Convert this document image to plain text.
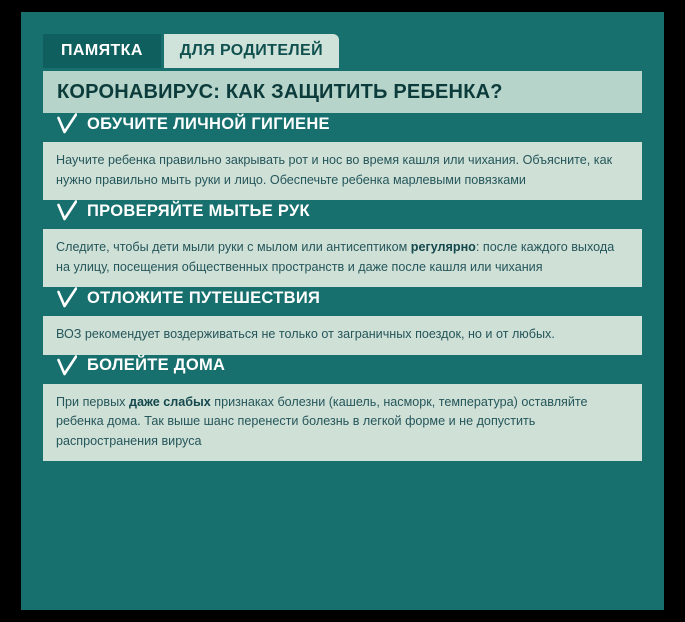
ПАМЯТКА ДЛЯ РОДИТЕЛЕЙ
КОРОНАВИРУС: КАК ЗАЩИТИТЬ РЕБЕНКА?
ОБУЧИТЕ ЛИЧНОЙ ГИГИЕНЕ
Научите ребенка правильно закрывать рот и нос во время кашля или чихания. Объясните, как нужно правильно мыть руки и лицо. Обеспечьте ребенка марлевыми повязками
ПРОВЕРЯЙТЕ МЫТЬЕ РУК
Следите, чтобы дети мыли руки с мылом или антисептиком регулярно: после каждого выхода на улицу, посещения общественных пространств и даже после кашля или чихания
ОТЛОЖИТЕ ПУТЕШЕСТВИЯ
ВОЗ рекомендует воздерживаться не только от заграничных поездок, но и от любых.
БОЛЕЙТЕ ДОМА
При первых даже слабых признаках болезни (кашель, насморк, температура) оставляйте ребенка дома. Так выше шанс перенести болезнь в легкой форме и не допустить распространения вируса
